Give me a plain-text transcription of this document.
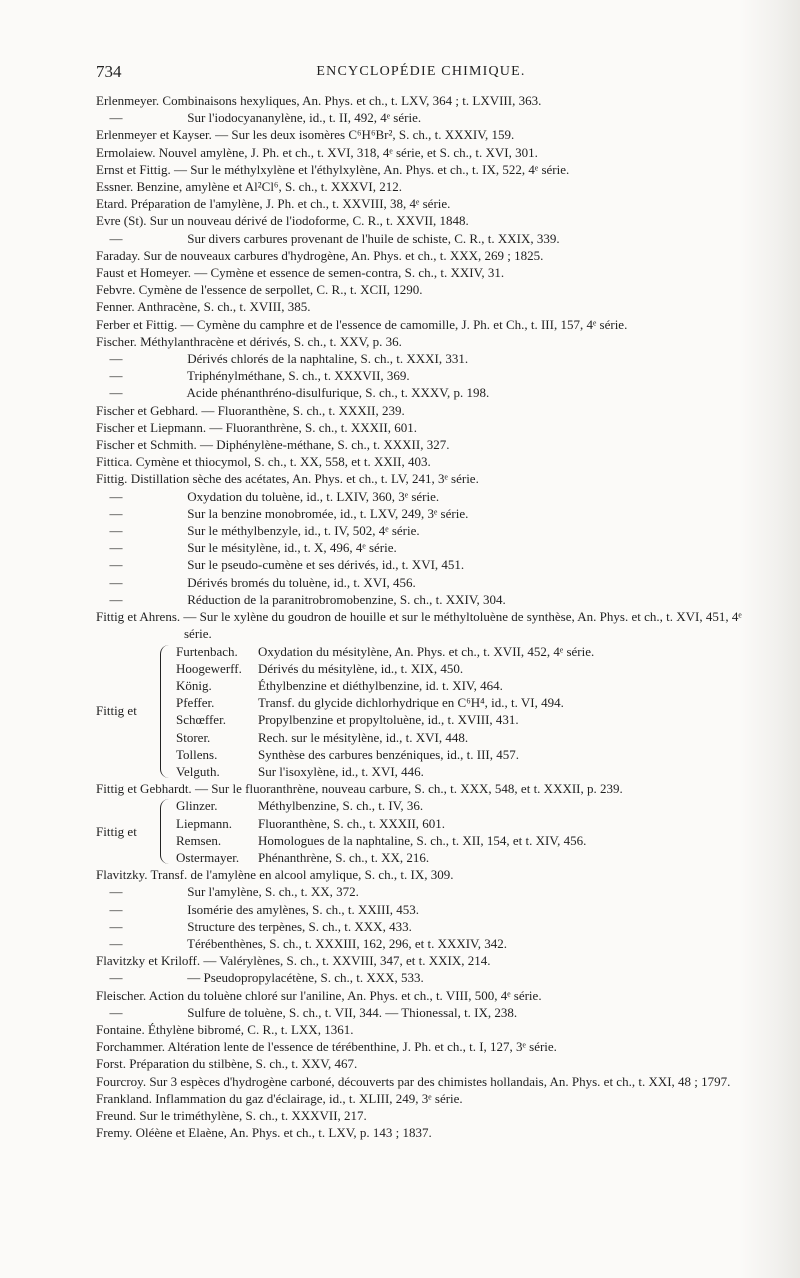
734	ENCYCLOPÉDIE CHIMIQUE.
Erlenmeyer. Combinaisons hexyliques, An. Phys. et ch., t. LXV, 364 ; t. LXVIII, 363.
—	Sur l'iodocyananylène, id., t. II, 492, 4ᵉ série.
Erlenmeyer et Kayser. — Sur les deux isomères C⁶H⁶Br², S. ch., t. XXXIV, 159.
Ermolaiew. Nouvel amylène, J. Ph. et ch., t. XVI, 318, 4ᵉ série, et S. ch., t. XVI, 301.
Ernst et Fittig. — Sur le méthylxylène et l'éthylxylène, An. Phys. et ch., t. IX, 522, 4ᵉ série.
Essner. Benzine, amylène et Al²Cl⁶, S. ch., t. XXXVI, 212.
Etard. Préparation de l'amylène, J. Ph. et ch., t. XXVIII, 38, 4ᵉ série.
Evre (St). Sur un nouveau dérivé de l'iodoforme, C. R., t. XXVII, 1848.
—	Sur divers carbures provenant de l'huile de schiste, C. R., t. XXIX, 339.
Faraday. Sur de nouveaux carbures d'hydrogène, An. Phys. et ch., t. XXX, 269 ; 1825.
Faust et Homeyer. — Cymène et essence de semen-contra, S. ch., t. XXIV, 31.
Febvre. Cymène de l'essence de serpollet, C. R., t. XCII, 1290.
Fenner. Anthracène, S. ch., t. XVIII, 385.
Ferber et Fittig. — Cymène du camphre et de l'essence de camomille, J. Ph. et Ch., t. III, 157, 4ᵉ série.
Fischer. Méthylanthracène et dérivés, S. ch., t. XXV, p. 36.
—	Dérivés chlorés de la naphtaline, S. ch., t. XXXI, 331.
—	Triphénylméthane, S. ch., t. XXXVII, 369.
—	Acide phénanthréno-disulfurique, S. ch., t. XXXV, p. 198.
Fischer et Gebhard. — Fluoranthène, S. ch., t. XXXII, 239.
Fischer et Liepmann. — Fluoranthrène, S. ch., t. XXXII, 601.
Fischer et Schmith. — Diphénylène-méthane, S. ch., t. XXXII, 327.
Fittica. Cymène et thiocymol, S. ch., t. XX, 558, et t. XXII, 403.
Fittig. Distillation sèche des acétates, An. Phys. et ch., t. LV, 241, 3ᵉ série.
—	Oxydation du toluène, id., t. LXIV, 360, 3ᵉ série.
—	Sur la benzine monobromée, id., t. LXV, 249, 3ᵉ série.
—	Sur le méthylbenzyle, id., t. IV, 502, 4ᵉ série.
—	Sur le mésitylène, id., t. X, 496, 4ᵉ série.
—	Sur le pseudo-cumène et ses dérivés, id., t. XVI, 451.
—	Dérivés bromés du toluène, id., t. XVI, 456.
—	Réduction de la paranitrobromobenzine, S. ch., t. XXIV, 304.
Fittig et Ahrens. — Sur le xylène du goudron de houille et sur le méthyltoluène de synthèse, An. Phys. et ch., t. XVI, 451, 4ᵉ série.
Fittig et
Furtenbach. Oxydation du mésitylène, An. Phys. et ch., t. XVII, 452, 4ᵉ série.
Hoogewerff. Dérivés du mésitylène, id., t. XIX, 450.
König.	Éthylbenzine et diéthylbenzine, id. t. XIV, 464.
Pfeffer.	Transf. du glycide dichlorhydrique en C⁶H⁴, id., t. VI, 494.
Schœffer. Propylbenzine et propyltoluène, id., t. XVIII, 431.
Storer.	Rech. sur le mésitylène, id., t. XVI, 448.
Tollens.	Synthèse des carbures benzéniques, id., t. III, 457.
Velguth.	Sur l'isoxylène, id., t. XVI, 446.
Fittig et Gebhardt. — Sur le fluoranthrène, nouveau carbure, S. ch., t. XXX, 548, et t. XXXII, p. 239.
Fittig et
Glinzer.	Méthylbenzine, S. ch., t. IV, 36.
Liepmann. Fluoranthène, S. ch., t. XXXII, 601.
Remsen.	Homologues de la naphtaline, S. ch., t. XII, 154, et t. XIV, 456.
Ostermayer. Phénanthrène, S. ch., t. XX, 216.
Flavitzky. Transf. de l'amylène en alcool amylique, S. ch., t. IX, 309.
—	Sur l'amylène, S. ch., t. XX, 372.
—	Isomérie des amylènes, S. ch., t. XXIII, 453.
—	Structure des terpènes, S. ch., t. XXX, 433.
—	Térébenthènes, S. ch., t. XXXIII, 162, 296, et t. XXXIV, 342.
Flavitzky et Kriloff. — Valérylènes, S. ch., t. XXVIII, 347, et t. XXIX, 214.
—	— Pseudopropylacétène, S. ch., t. XXX, 533.
Fleischer. Action du toluène chloré sur l'aniline, An. Phys. et ch., t. VIII, 500, 4ᵉ série.
—	Sulfure de toluène, S. ch., t. VII, 344. — Thionessal, t. IX, 238.
Fontaine. Éthylène bibromé, C. R., t. LXX, 1361.
Forchammer. Altération lente de l'essence de térébenthine, J. Ph. et ch., t. I, 127, 3ᵉ série.
Forst. Préparation du stilbène, S. ch., t. XXV, 467.
Fourcroy. Sur 3 espèces d'hydrogène carboné, découverts par des chimistes hollandais, An. Phys. et ch., t. XXI, 48 ; 1797.
Frankland. Inflammation du gaz d'éclairage, id., t. XLIII, 249, 3ᵉ série.
Freund. Sur le triméthylène, S. ch., t. XXXVII, 217.
Fremy. Oléène et Elaène, An. Phys. et ch., t. LXV, p. 143 ; 1837.
